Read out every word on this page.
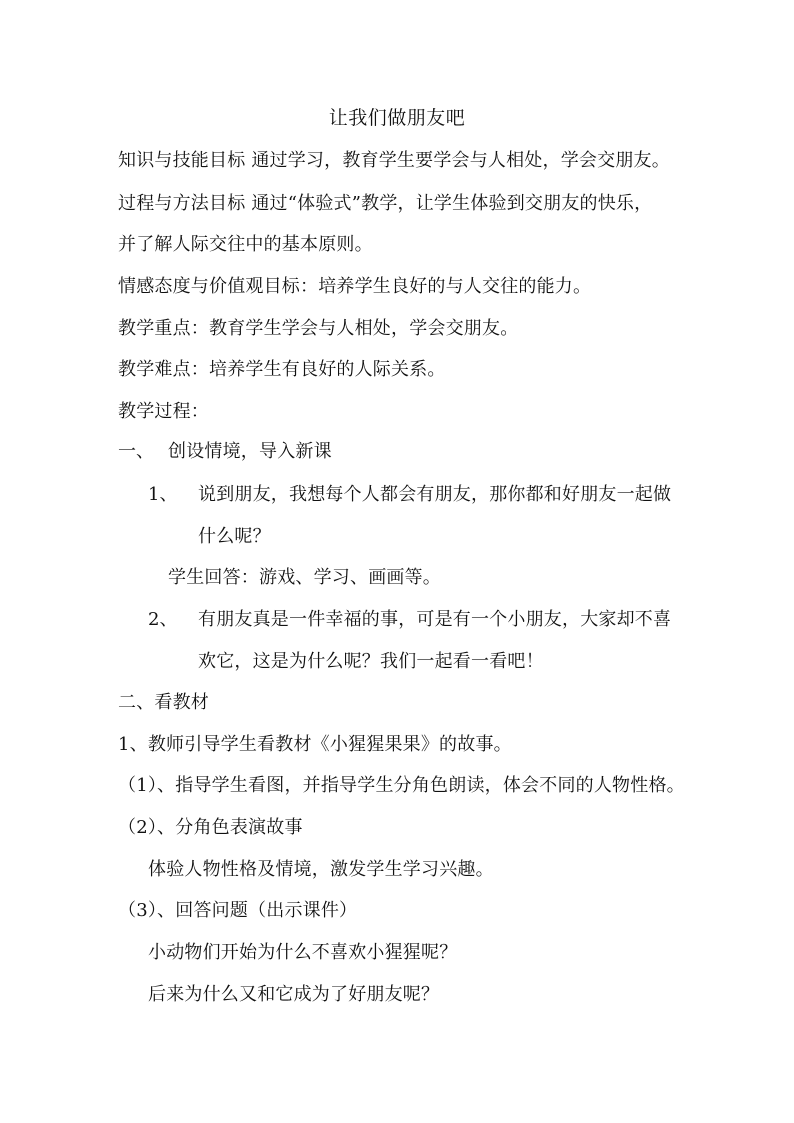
让我们做朋友吧
知识与技能目标 通过学习，教育学生要学会与人相处，学会交朋友。
过程与方法目标 通过“体验式”教学，让学生体验到交朋友的快乐，
并了解人际交往中的基本原则。
情感态度与价值观目标：培养学生良好的与人交往的能力。
教学重点：教育学生学会与人相处，学会交朋友。
教学难点：培养学生有良好的人际关系。
教学过程：
一、 创设情境，导入新课
1、 说到朋友，我想每个人都会有朋友，那你都和好朋友一起做
什么呢？
学生回答：游戏、学习、画画等。
2、 有朋友真是一件幸福的事，可是有一个小朋友，大家却不喜
欢它，这是为什么呢？我们一起看一看吧！
二、看教材
1、教师引导学生看教材《小猩猩果果》的故事。
（1）、指导学生看图，并指导学生分角色朗读，体会不同的人物性格。
（2）、分角色表演故事
体验人物性格及情境，激发学生学习兴趣。
（3）、回答问题（出示课件）
小动物们开始为什么不喜欢小猩猩呢？
后来为什么又和它成为了好朋友呢？
